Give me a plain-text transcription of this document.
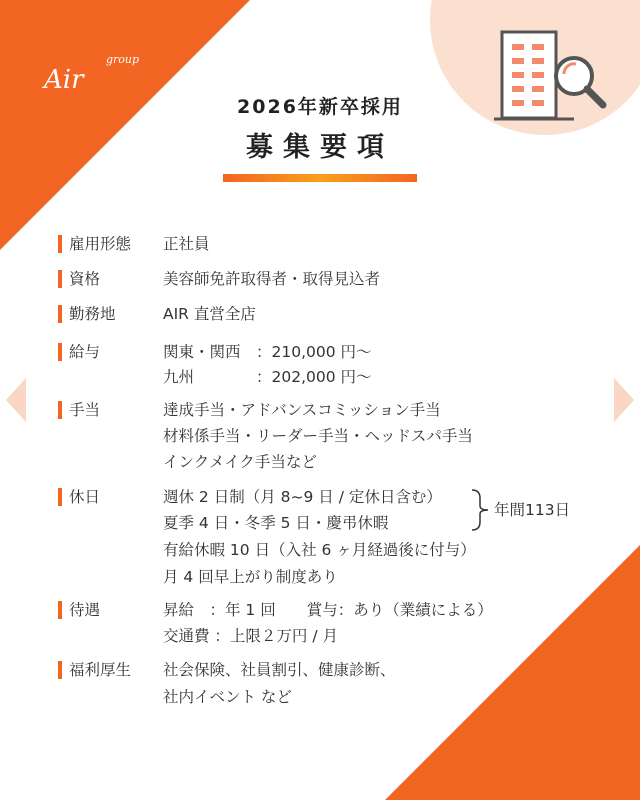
group
Air
2026年新卒採用
募集要項
雇用形態 正社員
資格	美容師免許取得者・取得見込者
勤務地	AIR 直営全店
給与	関東・関西　：210,000 円〜
九州　　　　：202,000 円〜
手当	達成手当・アドバンスコミッション手当
材料係手当・リーダー手当・ヘッドスパ手当
インクメイク手当など
休日	週休 2 日制（月 8~9 日 / 定休日含む）
夏季 4 日・冬季 5 日・慶弔休暇
有給休暇 10 日（入社 6 ヶ月経過後に付与）
月 4 回早上がり制度あり
年間113日
待遇	昇給　：年 1 回　　賞与：あり（業績による）
交通費 ：上限２万円 / 月
福利厚生 社会保険、社員割引、健康診断、
社内イベント など
